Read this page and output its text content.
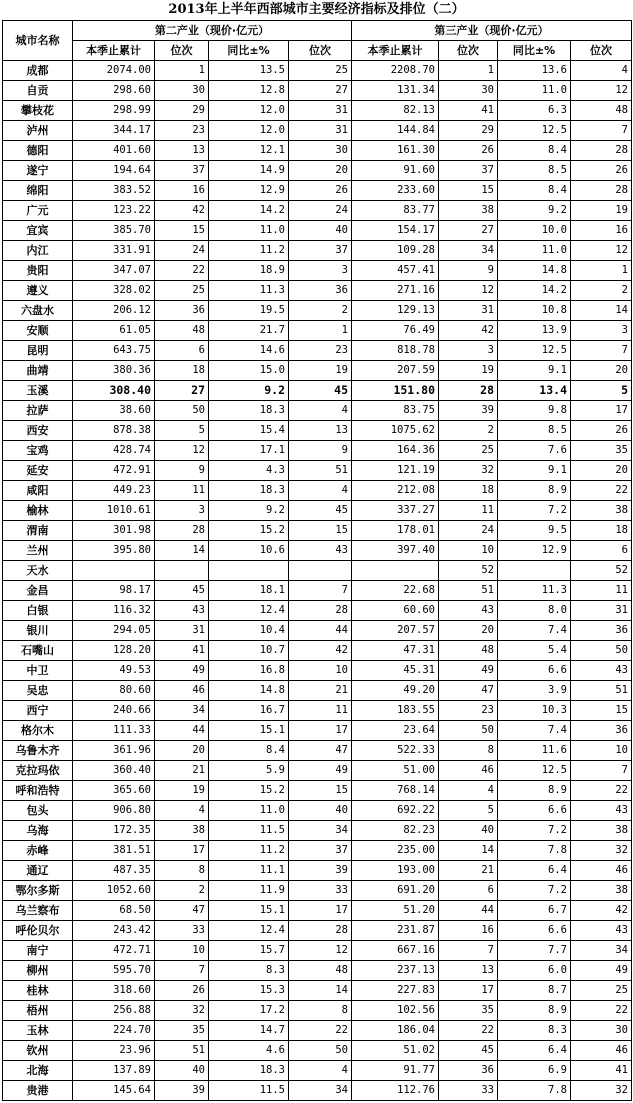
2013年上半年西部城市主要经济指标及排位（二）
城市名称	第二产业（现价·亿元）				第三产业（现价·亿元）			
	本季止累计	位次	同比±%	位次	本季止累计	位次	同比±%	位次
成都	2074.00	1	13.5	25	2208.70	1	13.6	4
自贡	298.60	30	12.8	27	131.34	30	11.0	12
攀枝花	298.99	29	12.0	31	82.13	41	6.3	48
泸州	344.17	23	12.0	31	144.84	29	12.5	7
德阳	401.60	13	12.1	30	161.30	26	8.4	28
遂宁	194.64	37	14.9	20	91.60	37	8.5	26
绵阳	383.52	16	12.9	26	233.60	15	8.4	28
广元	123.22	42	14.2	24	83.77	38	9.2	19
宜宾	385.70	15	11.0	40	154.17	27	10.0	16
内江	331.91	24	11.2	37	109.28	34	11.0	12
贵阳	347.07	22	18.9	3	457.41	9	14.8	1
遵义	328.02	25	11.3	36	271.16	12	14.2	2
六盘水	206.12	36	19.5	2	129.13	31	10.8	14
安顺	61.05	48	21.7	1	76.49	42	13.9	3
昆明	643.75	6	14.6	23	818.78	3	12.5	7
曲靖	380.36	18	15.0	19	207.59	19	9.1	20
玉溪	308.40	27	9.2	45	151.80	28	13.4	5
拉萨	38.60	50	18.3	4	83.75	39	9.8	17
西安	878.38	5	15.4	13	1075.62	2	8.5	26
宝鸡	428.74	12	17.1	9	164.36	25	7.6	35
延安	472.91	9	4.3	51	121.19	32	9.1	20
咸阳	449.23	11	18.3	4	212.08	18	8.9	22
榆林	1010.61	3	9.2	45	337.27	11	7.2	38
渭南	301.98	28	15.2	15	178.01	24	9.5	18
兰州	395.80	14	10.6	43	397.40	10	12.9	6
天水						52		52
金昌	98.17	45	18.1	7	22.68	51	11.3	11
白银	116.32	43	12.4	28	60.60	43	8.0	31
银川	294.05	31	10.4	44	207.57	20	7.4	36
石嘴山	128.20	41	10.7	42	47.31	48	5.4	50
中卫	49.53	49	16.8	10	45.31	49	6.6	43
吴忠	80.60	46	14.8	21	49.20	47	3.9	51
西宁	240.66	34	16.7	11	183.55	23	10.3	15
格尔木	111.33	44	15.1	17	23.64	50	7.4	36
乌鲁木齐	361.96	20	8.4	47	522.33	8	11.6	10
克拉玛依	360.40	21	5.9	49	51.00	46	12.5	7
呼和浩特	365.60	19	15.2	15	768.14	4	8.9	22
包头	906.80	4	11.0	40	692.22	5	6.6	43
乌海	172.35	38	11.5	34	82.23	40	7.2	38
赤峰	381.51	17	11.2	37	235.00	14	7.8	32
通辽	487.35	8	11.1	39	193.00	21	6.4	46
鄂尔多斯	1052.60	2	11.9	33	691.20	6	7.2	38
乌兰察布	68.50	47	15.1	17	51.20	44	6.7	42
呼伦贝尔	243.42	33	12.4	28	231.87	16	6.6	43
南宁	472.71	10	15.7	12	667.16	7	7.7	34
柳州	595.70	7	8.3	48	237.13	13	6.0	49
桂林	318.60	26	15.3	14	227.83	17	8.7	25
梧州	256.88	32	17.2	8	102.56	35	8.9	22
玉林	224.70	35	14.7	22	186.04	22	8.3	30
钦州	23.96	51	4.6	50	51.02	45	6.4	46
北海	137.89	40	18.3	4	91.77	36	6.9	41
贵港	145.64	39	11.5	34	112.76	33	7.8	32
